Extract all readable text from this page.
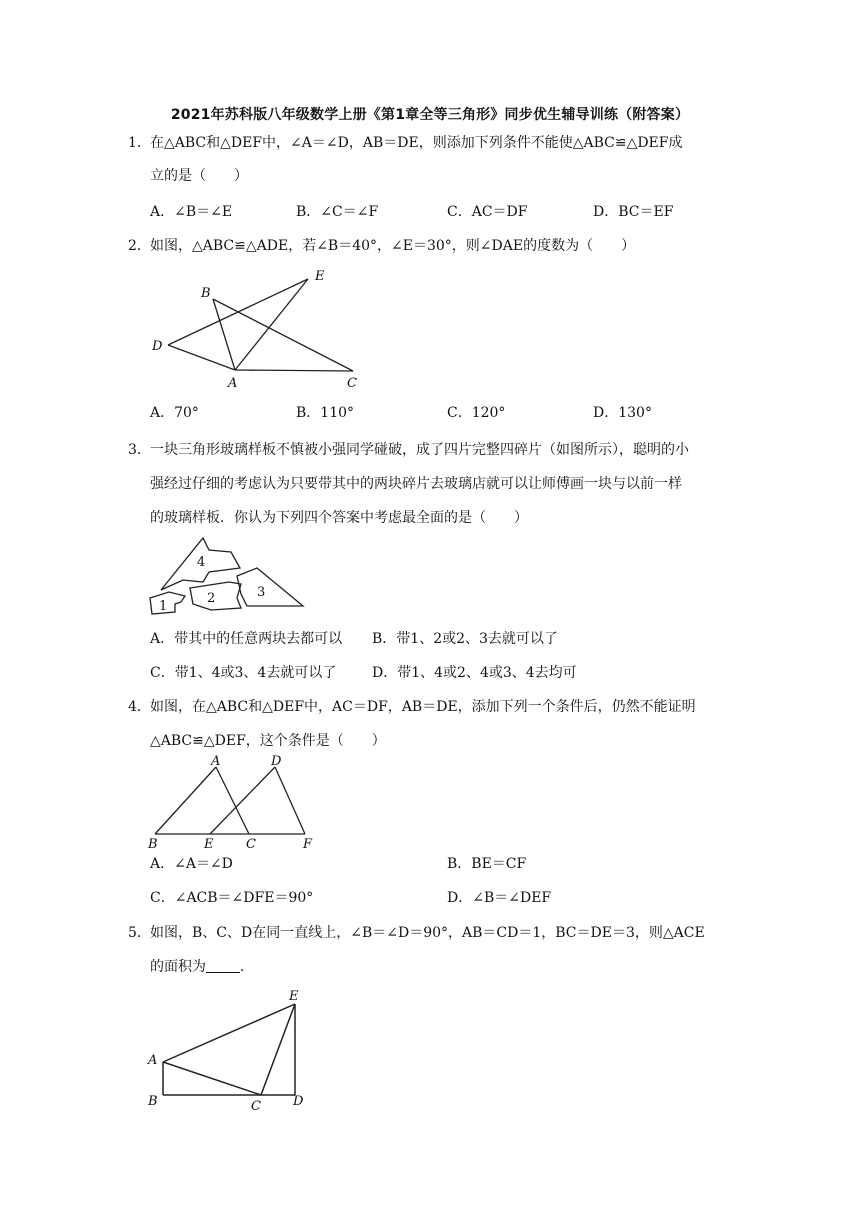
2021年苏科版八年级数学上册《第1章全等三角形》同步优生辅导训练（附答案）
1．在△ABC和△DEF中，∠A＝∠D，AB＝DE，则添加下列条件不能使△ABC≌△DEF成
立的是（　　）
A．∠B＝∠E	B．∠C＝∠F	C．AC＝DF	D．BC＝EF
2．如图，△ABC≌△ADE，若∠B＝40°，∠E＝30°，则∠DAE的度数为（　　）
B
E
D
A	C
A．70°	B．110°	C．120°	D．130°
3．一块三角形玻璃样板不慎被小强同学碰破，成了四片完整四碎片（如图所示），聪明的小
强经过仔细的考虑认为只要带其中的两块碎片去玻璃店就可以让师傅画一块与以前一样
的玻璃样板．你认为下列四个答案中考虑最全面的是（　　）
4
2	3
1
A．带其中的任意两块去都可以 B．带1、2或2、3去就可以了
C．带1、4或3、4去就可以了	D．带1、4或2、4或3、4去均可
4．如图，在△ABC和△DEF中，AC＝DF，AB＝DE，添加下列一个条件后，仍然不能证明
△ABC≌△DEF，这个条件是（　　）
A	D
B	E	C	F
A．∠A＝∠D	B．BE＝CF
C．∠ACB＝∠DFE＝90°	D．∠B＝∠DEF
5．如图，B、C、D在同一直线上，∠B＝∠D＝90°，AB＝CD＝1，BC＝DE＝3，则△ACE
的面积为 ．
E
A
B	C D
